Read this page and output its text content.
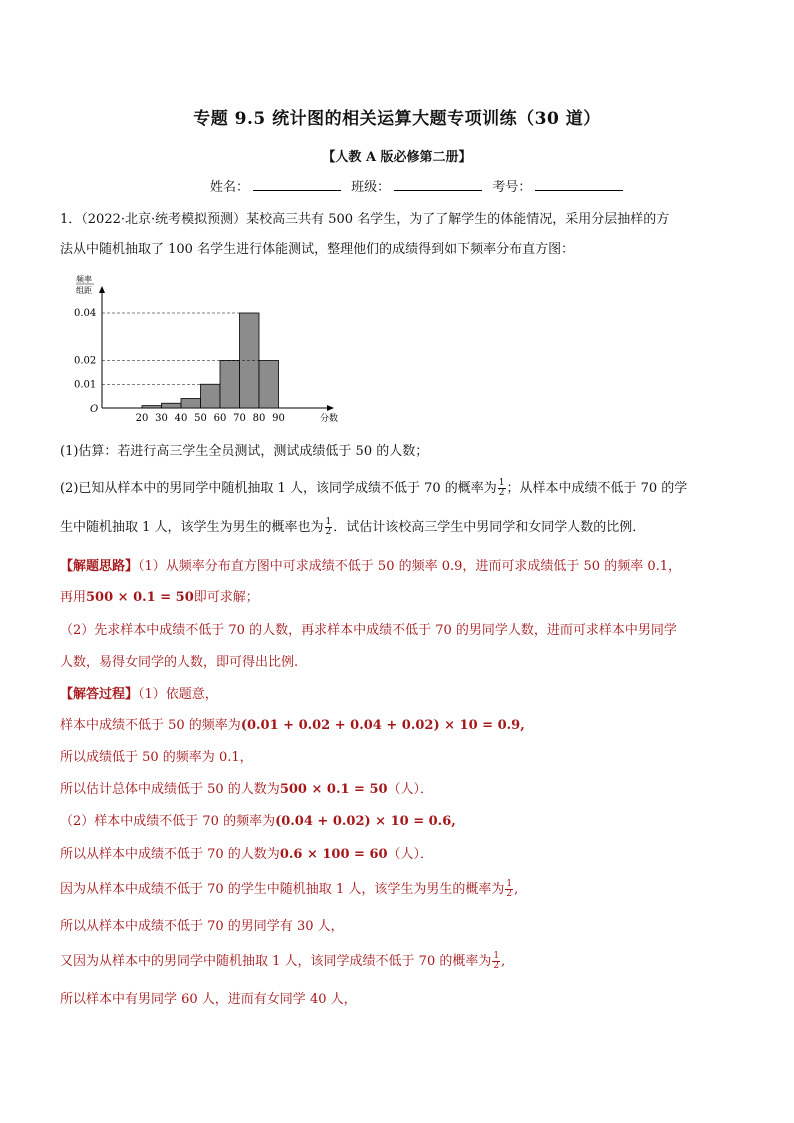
专题 9.5 统计图的相关运算大题专项训练（30 道）
【人教 A 版必修第二册】
姓名：	班级：	考号：
1．（2022·北京·统考模拟预测）某校高三共有 500 名学生，为了了解学生的体能情况，采用分层抽样的方
法从中随机抽取了 100 名学生进行体能测试，整理他们的成绩得到如下频率分布直方图：
频率
组距
O
0.04
0.02
0.01
20 30 40 50 60 70 80 90	分数
(1)估算：若进行高三学生全员测试，测试成绩低于 50 的人数；
(2)已知从样本中的男同学中随机抽取 1 人，该同学成绩不低于 70 的概率为 $\frac{1}{2}$ ；从样本中成绩不低于 70 的学
生中随机抽取 1 人，该学生为男生的概率也为 $\frac{1}{2}$ ．试估计该校高三学生中男同学和女同学人数的比例．
【解题思路】（1）从频率分布直方图中可求成绩不低于 50 的频率 0.9，进而可求成绩低于 50 的频率 0.1，
再用500 × 0.1 = 50即可求解；
（2）先求样本中成绩不低于 70 的人数，再求样本中成绩不低于 70 的男同学人数，进而可求样本中男同学
人数，易得女同学的人数，即可得出比例.
【解答过程】（1）依题意，
样本中成绩不低于 50 的频率为(0.01 + 0.02 + 0.04 + 0.02) × 10 = 0.9,
所以成绩低于 50 的频率为 0.1，
所以估计总体中成绩低于 50 的人数为500 × 0.1 = 50（人）．
（2）样本中成绩不低于 70 的频率为(0.04 + 0.02) × 10 = 0.6,
所以从样本中成绩不低于 70 的人数为0.6 × 100 = 60（人）．
因为从样本中成绩不低于 70 的学生中随机抽取 1 人，该学生为男生的概率为 $\frac{1}{2}$ ,
所以从样本中成绩不低于 70 的男同学有 30 人，
又因为从样本中的男同学中随机抽取 1 人，该同学成绩不低于 70 的概率为 $\frac{1}{2}$ ,
所以样本中有男同学 60 人，进而有女同学 40 人，
